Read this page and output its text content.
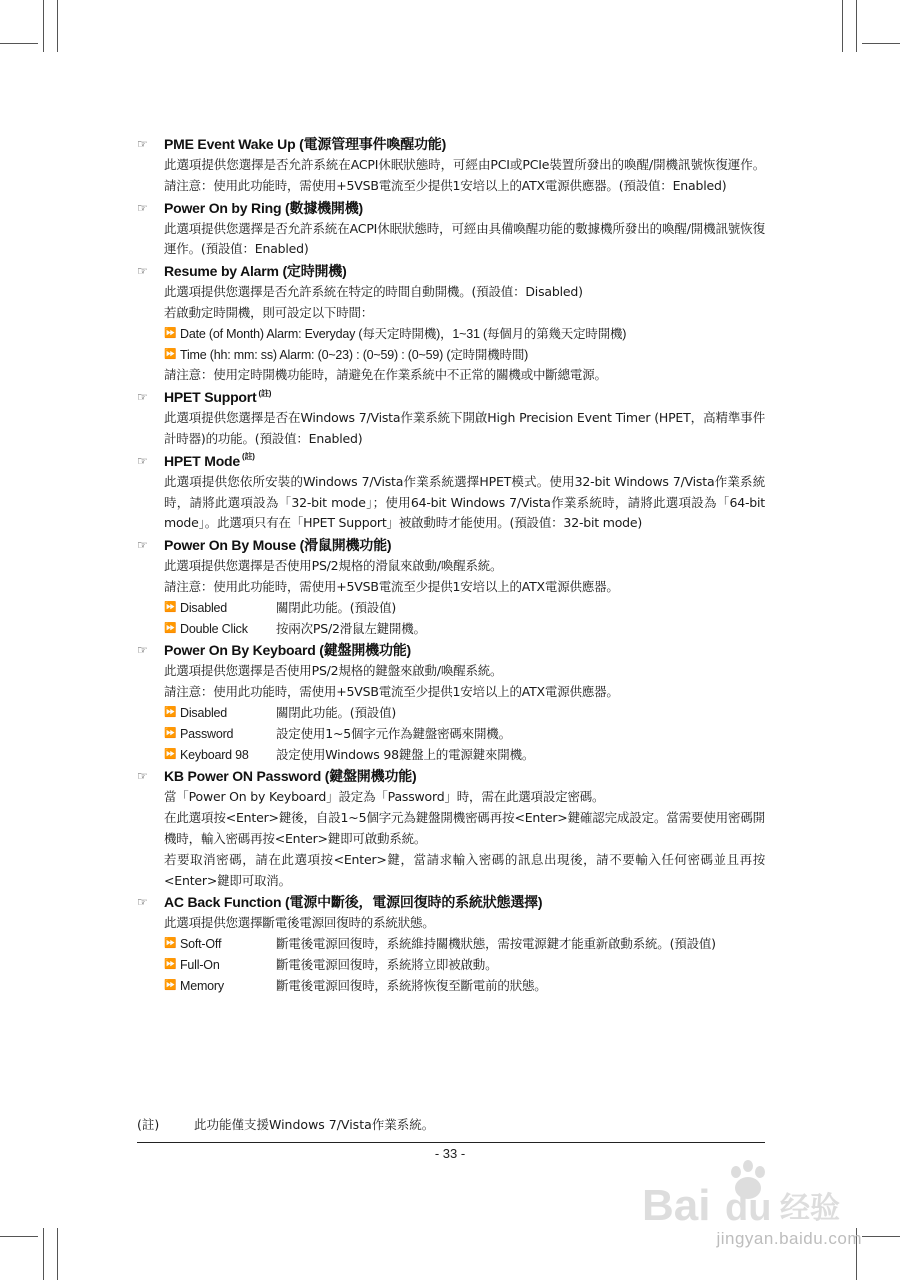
☞	PME Event Wake Up (電源管理事件喚醒功能)
此選項提供您選擇是否允許系統在ACPI休眠狀態時，可經由PCI或PCIe裝置所發出的喚醒/開機訊號恢復運作。請注意：使用此功能時，需使用+5VSB電流至少提供1安培以上的ATX電源供應器。(預設值：Enabled)
☞	Power On by Ring (數據機開機)
此選項提供您選擇是否允許系統在ACPI休眠狀態時，可經由具備喚醒功能的數據機所發出的喚醒/開機訊號恢復運作。(預設值：Enabled)
☞	Resume by Alarm (定時開機)
此選項提供您選擇是否允許系統在特定的時間自動開機。(預設值：Disabled)
若啟動定時開機，則可設定以下時間：
⏩ Date (of Month) Alarm: Everyday (每天定時開機)，1~31 (每個月的第幾天定時開機)
⏩ Time (hh: mm: ss) Alarm: (0~23) : (0~59) : (0~59) (定時開機時間)
請注意：使用定時開機功能時，請避免在作業系統中不正常的關機或中斷總電源。
☞	HPET Support $^{(註)}$
此選項提供您選擇是否在Windows 7/Vista作業系統下開啟High Precision Event Timer (HPET，高精準事件計時器)的功能。(預設值：Enabled)
☞	HPET Mode $^{(註)}$
此選項提供您依所安裝的Windows 7/Vista作業系統選擇HPET模式。使用32-bit Windows 7/Vista作業系統時，請將此選項設為「32-bit mode」；使用64-bit Windows 7/Vista作業系統時，請將此選項設為「64-bit mode」。此選項只有在「HPET Support」被啟動時才能使用。(預設值：32-bit mode)
☞	Power On By Mouse (滑鼠開機功能)
此選項提供您選擇是否使用PS/2規格的滑鼠來啟動/喚醒系統。
請注意：使用此功能時，需使用+5VSB電流至少提供1安培以上的ATX電源供應器。
⏩ Disabled	關閉此功能。(預設值)
⏩ Double Click	按兩次PS/2滑鼠左鍵開機。
☞	Power On By Keyboard (鍵盤開機功能)
此選項提供您選擇是否使用PS/2規格的鍵盤來啟動/喚醒系統。
請注意：使用此功能時，需使用+5VSB電流至少提供1安培以上的ATX電源供應器。
⏩ Disabled	關閉此功能。(預設值)
⏩ Password	設定使用1~5個字元作為鍵盤密碼來開機。
⏩ Keyboard 98	設定使用Windows 98鍵盤上的電源鍵來開機。
☞	KB Power ON Password (鍵盤開機功能)
當「Power On by Keyboard」設定為「Password」時，需在此選項設定密碼。
在此選項按<Enter>鍵後，自設1~5個字元為鍵盤開機密碼再按<Enter>鍵確認完成設定。當需要使用密碼開機時，輸入密碼再按<Enter>鍵即可啟動系統。
若要取消密碼，請在此選項按<Enter>鍵，當請求輸入密碼的訊息出現後，請不要輸入任何密碼並且再按<Enter>鍵即可取消。
☞	AC Back Function (電源中斷後，電源回復時的系統狀態選擇)
此選項提供您選擇斷電後電源回復時的系統狀態。
⏩ Soft-Off	斷電後電源回復時，系統維持關機狀態，需按電源鍵才能重新啟動系統。(預設值)
⏩ Full-On	斷電後電源回復時，系統將立即被啟動。
⏩ Memory	斷電後電源回復時，系統將恢復至斷電前的狀態。
(註)	此功能僅支援Windows 7/Vista作業系統。
- 33 -
Bai du 经验
jingyan.baidu.com
